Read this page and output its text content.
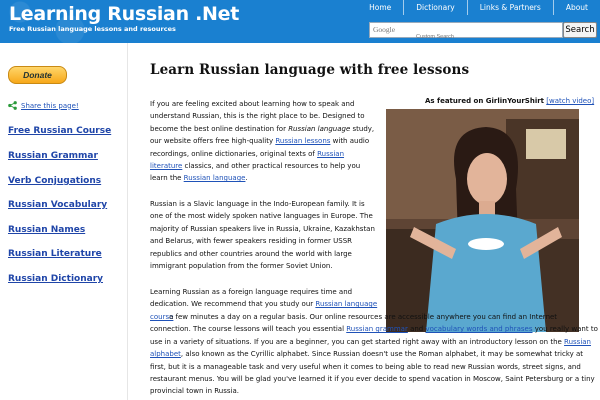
Learning Russian .Net
Free Russian language lessons and resources
Home	Dictionary	Links & Partners	About
Google
Custom Search	Search
Donate
Share this page!
Free Russian Course
Russian Grammar
Verb Conjugations
Russian Vocabulary
Russian Names
Russian Literature
Russian Dictionary
Learn Russian language with free lessons
As featured on GirlinYourShirt [watch video]
If you are feeling excited about learning how to speak and understand Russian, this is the right place to be. Designed to become the best online destination for Russian language study, our website offers free high-quality Russian lessons with audio recordings, online dictionaries, original texts of Russian literature classics, and other practical resources to help you learn the Russian language.
Russian is a Slavic language in the Indo-European family. It is one of the most widely spoken native languages in Europe. The majority of Russian speakers live in Russia, Ukraine, Kazakhstan and Belarus, with fewer speakers residing in former USSR republics and other countries around the world with large immigrant population from the former Soviet Union.
Learning Russian as a foreign language requires time and dedication. We recommend that you study our Russian language course
a few minutes a day on a regular basis. Our online resources are accessible anywhere you can find an Internet connection. The course lessons will teach you essential Russian grammar and vocabulary words and phrases you really want to use in a variety of situations. If you are a beginner, you can get started right away with an introductory lesson on the Russian alphabet, also known as the Cyrillic alphabet. Since Russian doesn't use the Roman alphabet, it may be somewhat tricky at first, but it is a manageable task and very useful when it comes to being able to read new Russian words, street signs, and restaurant menus. You will be glad you've learned it if you ever decide to spend vacation in Moscow, Saint Petersburg or a tiny provincial town in Russia.
